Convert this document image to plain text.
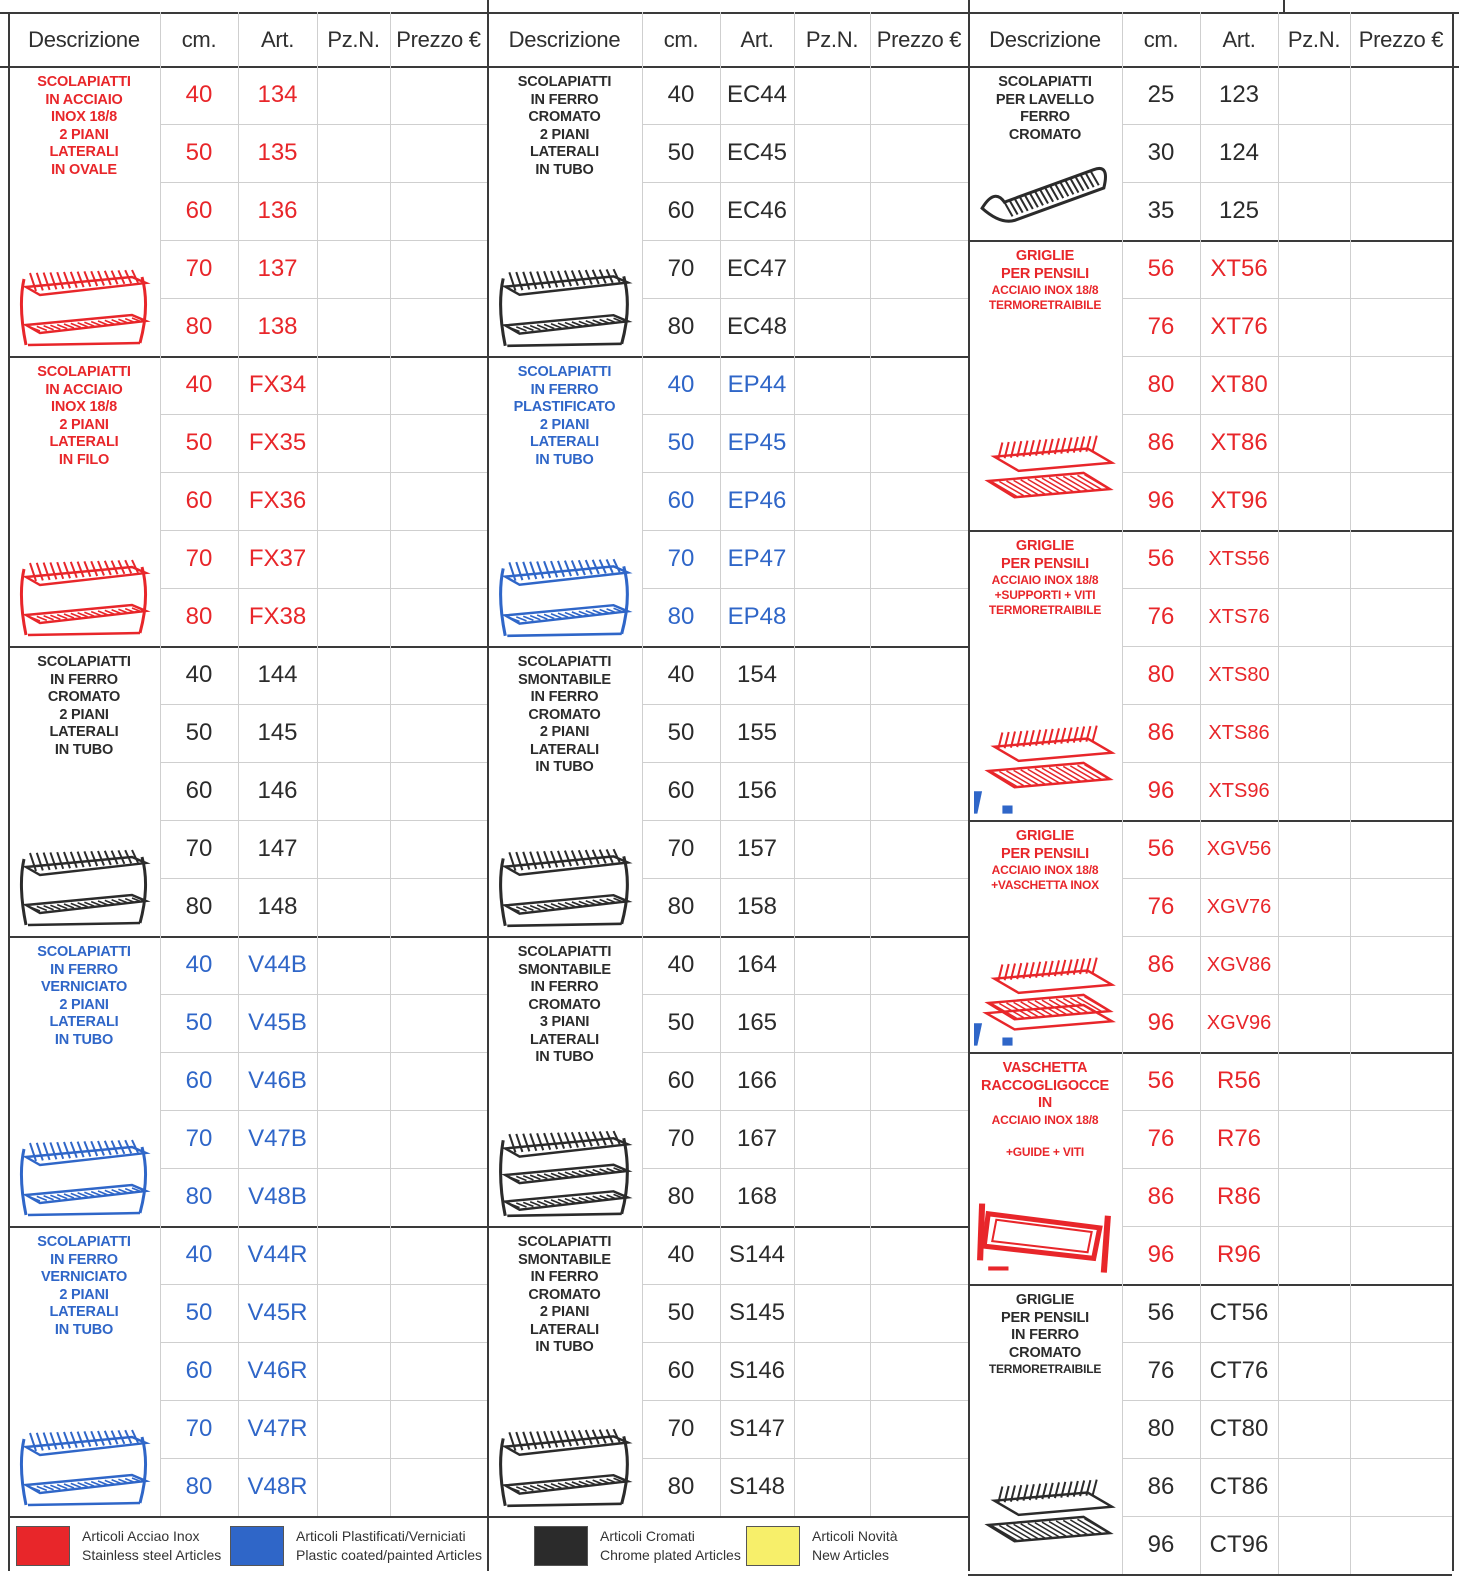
Descrizione	cm.	Art.	Pz.N. Prezzo €	Descrizione	cm.	Art.	Pz.N. Prezzo €	Descrizione	cm.	Art.	Pz.N. Prezzo €
SCOLAPIATTI
IN ACCIAIO
INOX 18/8
2 PIANI
LATERALI
IN OVALE
40	134
50	135
60	136
70	137
80	138
SCOLAPIATTI
IN ACCIAIO
INOX 18/8
2 PIANI
LATERALI
IN FILO
40	FX34
50	FX35
60	FX36
70	FX37
80	FX38
SCOLAPIATTI
IN FERRO
CROMATO
2 PIANI
LATERALI
IN TUBO
40	144
50	145
60	146
70	147
80	148
SCOLAPIATTI
IN FERRO
VERNICIATO
2 PIANI
LATERALI
IN TUBO
40	V44B
50	V45B
60	V46B
70	V47B
80	V48B
SCOLAPIATTI
IN FERRO
VERNICIATO
2 PIANI
LATERALI
IN TUBO
40	V44R
50	V45R
60	V46R
70	V47R
80	V48R
SCOLAPIATTI
IN FERRO
CROMATO
2 PIANI
LATERALI
IN TUBO
40	EC44
50	EC45
60	EC46
70	EC47
80	EC48
SCOLAPIATTI
IN FERRO
PLASTIFICATO
2 PIANI
LATERALI
IN TUBO
40	EP44
50	EP45
60	EP46
70	EP47
80	EP48
SCOLAPIATTI
SMONTABILE
IN FERRO
CROMATO
2 PIANI
LATERALI
IN TUBO
40	154
50	155
60	156
70	157
80	158
SCOLAPIATTI
SMONTABILE
IN FERRO
CROMATO
3 PIANI
LATERALI
IN TUBO
40	164
50	165
60	166
70	167
80	168
SCOLAPIATTI
SMONTABILE
IN FERRO
CROMATO
2 PIANI
LATERALI
IN TUBO
40	S144
50	S145
60	S146
70	S147
80	S148
SCOLAPIATTI
PER LAVELLO
FERRO
CROMATO
25	123
30	124
35	125
GRIGLIE
PER PENSILI
ACCIAIO INOX 18/8
TERMORETRAIBILE
56	XT56
76	XT76
80	XT80
86	XT86
96	XT96
GRIGLIE
PER PENSILI
ACCIAIO INOX 18/8
+SUPPORTI + VITI
TERMORETRAIBILE
56	XTS56
76	XTS76
80	XTS80
86	XTS86
96	XTS96
GRIGLIE
PER PENSILI
ACCIAIO INOX 18/8
+VASCHETTA INOX
56	XGV56
76	XGV76
86	XGV86
96	XGV96
VASCHETTA
RACCOGLIGOCCE
IN
ACCIAIO INOX 18/8

+GUIDE + VITI
56	R56
76	R76
86	R86
96	R96
GRIGLIE
PER PENSILI
IN FERRO
CROMATO
TERMORETRAIBILE
56	CT56
76	CT76
80	CT80
86	CT86
96	CT96
Articoli Acciao Inox
Stainless steel Articles
Articoli Plastificati/Verniciati
Plastic coated/painted Articles
Articoli Cromati
Chrome plated Articles
Articoli Novità
New Articles
